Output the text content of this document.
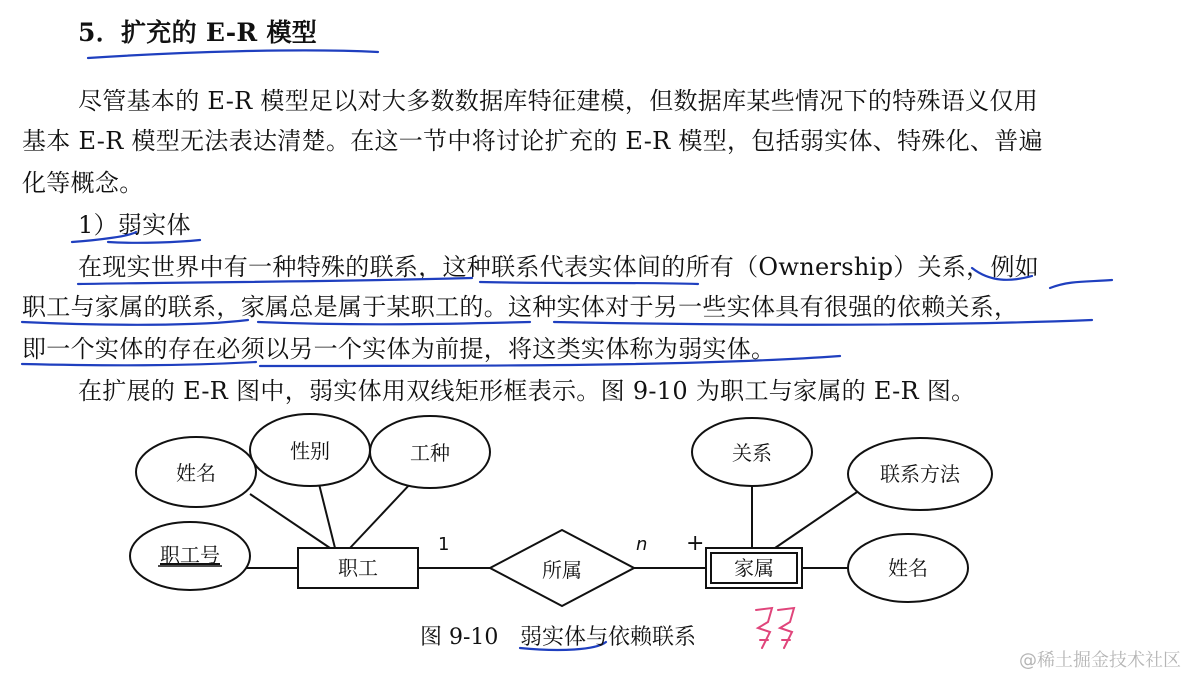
5．扩充的 E-R 模型
尽管基本的 E-R 模型足以对大多数数据库特征建模，但数据库某些情况下的特殊语义仅用
基本 E-R 模型无法表达清楚。在这一节中将讨论扩充的 E-R 模型，包括弱实体、特殊化、普遍
化等概念。
1）弱实体
在现实世界中有一种特殊的联系，这种联系代表实体间的所有（Ownership）关系，例如
职工与家属的联系，家属总是属于某职工的。这种实体对于另一些实体具有很强的依赖关系，
即一个实体的存在必须以另一个实体为前提，将这类实体称为弱实体。
在扩展的 E-R 图中，弱实体用双线矩形框表示。图 9-10 为职工与家属的 E-R 图。
姓名
性别	工种
职工号
职工
1	n +
所属	家属
关系
联系方法
姓名
图 9-10 弱实体与依赖联系
@稀土掘金技术社区
